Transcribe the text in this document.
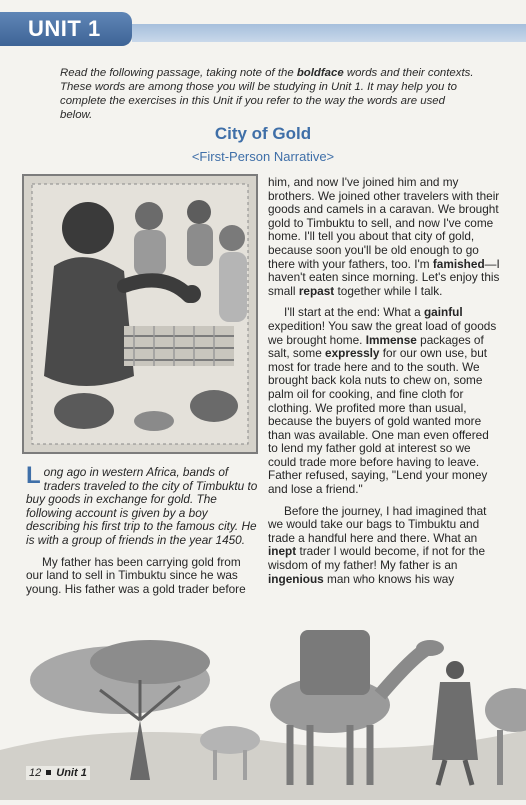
UNIT 1
Read the following passage, taking note of the boldface words and their contexts. These words are among those you will be studying in Unit 1. It may help you to complete the exercises in this Unit if you refer to the way the words are used below.
City of Gold
<First-Person Narrative>

Long ago in western Africa, bands of traders traveled to the city of Timbuktu to buy goods in exchange for gold. The following account is given by a boy describing his first trip to the famous city. He is with a group of friends in the year 1450.

My father has been carrying gold from our land to sell in Timbuktu since he was young. His father was a gold trader before

him, and now I've joined him and my brothers. We joined other travelers with their goods and camels in a caravan. We brought gold to Timbuktu to sell, and now I've come home. I'll tell you about that city of gold, because soon you'll be old enough to go there with your fathers, too. I'm famished—I haven't eaten since morning. Let's enjoy this small repast together while I talk.

I'll start at the end: What a gainful expedition! You saw the great load of goods we brought home. Immense packages of salt, some expressly for our own use, but most for trade here and to the south. We brought back kola nuts to chew on, some palm oil for cooking, and fine cloth for clothing. We profited more than usual, because the buyers of gold wanted more than was available. One man even offered to lend my father gold at interest so we could trade more before having to leave. Father refused, saying, "Lend your money and lose a friend."

Before the journey, I had imagined that we would take our bags to Timbuktu and trade a handful here and there. What an inept trader I would become, if not for the wisdom of my father! My father is an ingenious man who knows his way

12 Unit 1
